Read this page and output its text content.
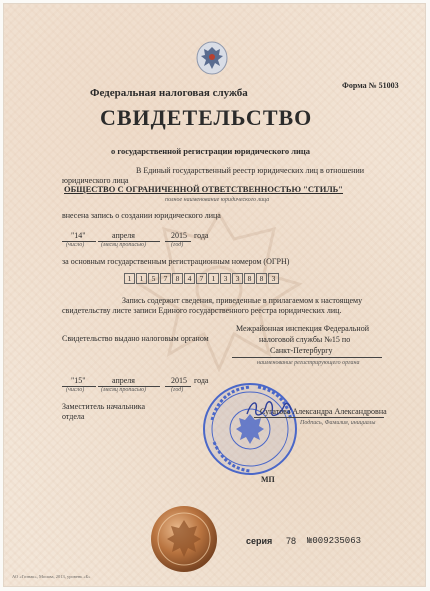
Форма № 51003
Федеральная налоговая служба
СВИДЕТЕЛЬСТВО
о государственной регистрации юридического лица
В Единый государственный реестр юридических лиц в отношении
юридического лица
ОБЩЕСТВО С ОГРАНИЧЕННОЙ ОТВЕТСТВЕННОСТЬЮ "СТИЛЬ"
полное наименование юридического лица
внесена запись о создании юридического лица
"14"	апреля	2015 года
(число)	(месяц прописью)	(год)
за основным государственным регистрационным номером (ОГРН)
1	1	5	7	8	4	7	1	3	3	8	8	3
Запись содержит сведения, приведенные в прилагаемом к настоящему
свидетельству листе записи Единого государственного реестра юридических лиц.
Свидетельство выдано налоговым органом
Межрайонная инспекция Федеральной
налоговой службы №15 по
Санкт-Петербургу
наименование регистрирующего органа
"15"	апреля	2015 года
(число)	(месяц прописью)	(год)
Заместитель начальника
отдела
Сугатова Александра Александровна
Подпись, Фамилия, инициалы
МП
серия 78 №009235063
АО «Гознак», Москва, 2013, уровень «Б»
